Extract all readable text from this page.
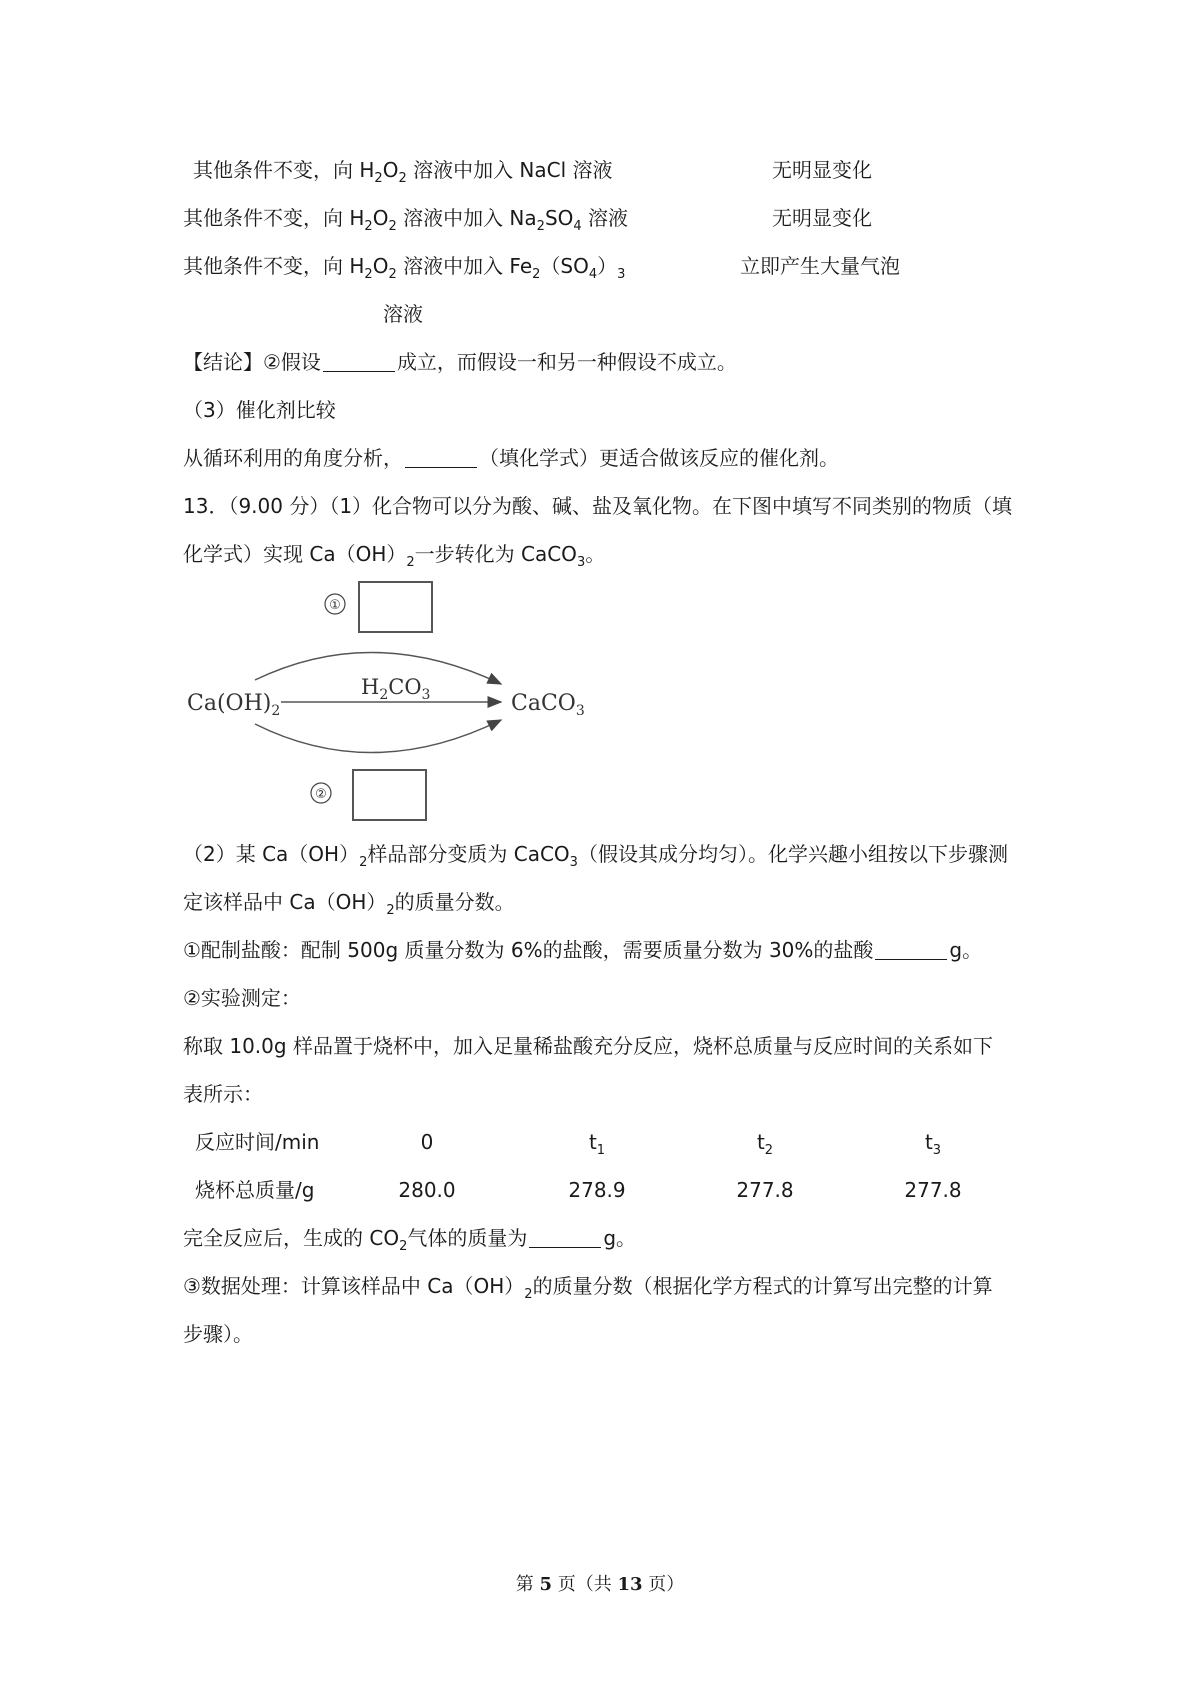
其他条件不变，向 $H_2O_2$ 溶液中加入 NaCl 溶液	无明显变化
其他条件不变，向 $H_2O_2$ 溶液中加入 $Na_2SO_4$ 溶液	无明显变化
其他条件不变，向 $H_2O_2$ 溶液中加入 $Fe_2(SO_4)_3$	立即产生大量气泡
溶液
【结论】②假设	成立，而假设一和另一种假设不成立。
（3）催化剂比较
从循环利用的角度分析，	（填化学式）更适合做该反应的催化剂。
13．（9.00 分）（1）化合物可以分为酸、碱、盐及氧化物。在下图中填写不同类别的物质（填
化学式）实现 $Ca(OH)_2$一步转化为 CaCO$_3$。
①
$Ca(OH)_2$
$H_2CO_3$	CaCO$_3$
②
（2）某 $Ca(OH)_2$样品部分变质为 CaCO$_3$（假设其成分均匀）。化学兴趣小组按以下步骤测
定该样品中 $Ca(OH)_2$的质量分数。
①配制盐酸：配制 500g 质量分数为 6%的盐酸，需要质量分数为 30%的盐酸	g。
②实验测定：
称取 10.0g 样品置于烧杯中，加入足量稀盐酸充分反应，烧杯总质量与反应时间的关系如下
表所示：
反应时间/min	0	$t_1$	$t_2$	$t_3$
烧杯总质量/g	280.0	278.9	277.8	277.8
完全反应后，生成的 $CO_2$气体的质量为	g。
③数据处理：计算该样品中 $Ca(OH)_2$的质量分数（根据化学方程式的计算写出完整的计算
步骤）。
第 5 页（共 13 页）
